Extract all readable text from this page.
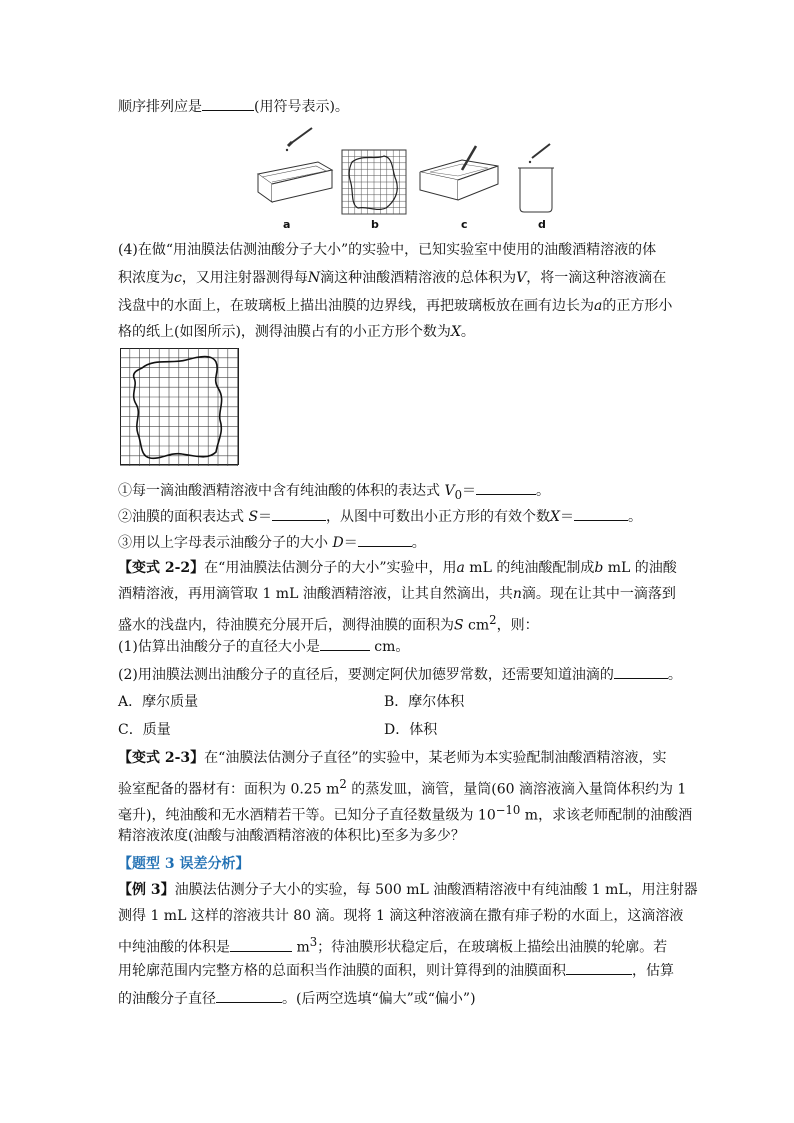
顺序排列应是	(用符号表示)。
a	b	c	d
(4)在做“用油膜法估测油酸分子大小”的实验中，已知实验室中使用的油酸酒精溶液的体
积浓度为c，又用注射器测得每N滴这种油酸酒精溶液的总体积为V，将一滴这种溶液滴在
浅盘中的水面上，在玻璃板上描出油膜的边界线，再把玻璃板放在画有边长为a的正方形小
格的纸上(如图所示)，测得油膜占有的小正方形个数为X。
①每一滴油酸酒精溶液中含有纯油酸的体积的表达式 $V_0=$	。
②油膜的面积表达式 S＝	，从图中可数出小正方形的有效个数X＝	。
③用以上字母表示油酸分子的大小 D＝	。
【变式 2-2】在“用油膜法估测分子的大小”实验中，用a mL 的纯油酸配制成b mL 的油酸
酒精溶液，再用滴管取 1 mL 油酸酒精溶液，让其自然滴出，共n滴。现在让其中一滴落到
盛水的浅盘内，待油膜充分展开后，测得油膜的面积为S $cm^2$，则：
(1)估算出油酸分子的直径大小是	cm。
(2)用油膜法测出油酸分子的直径后，要测定阿伏加德罗常数，还需要知道油滴的	。
A．摩尔质量	B．摩尔体积
C．质量	D．体积
【变式 2-3】在“油膜法估测分子直径”的实验中，某老师为本实验配制油酸酒精溶液，实
验室配备的器材有：面积为 0.25 $m^2$ 的蒸发皿，滴管，量筒(60 滴溶液滴入量筒体积约为 1
毫升)，纯油酸和无水酒精若干等。已知分子直径数量级为 $10^{-10}$ m，求该老师配制的油酸酒
精溶液浓度(油酸与油酸酒精溶液的体积比)至多为多少？
【题型 3 误差分析】
【例 3】油膜法估测分子大小的实验，每 500 mL 油酸酒精溶液中有纯油酸 1 mL，用注射器
测得 1 mL 这样的溶液共计 80 滴。现将 1 滴这种溶液滴在撒有痱子粉的水面上，这滴溶液
中纯油酸的体积是	$m^3$；待油膜形状稳定后，在玻璃板上描绘出油膜的轮廓。若
用轮廓范围内完整方格的总面积当作油膜的面积，则计算得到的油膜面积	，估算
的油酸分子直径	。(后两空选填“偏大”或“偏小”)
